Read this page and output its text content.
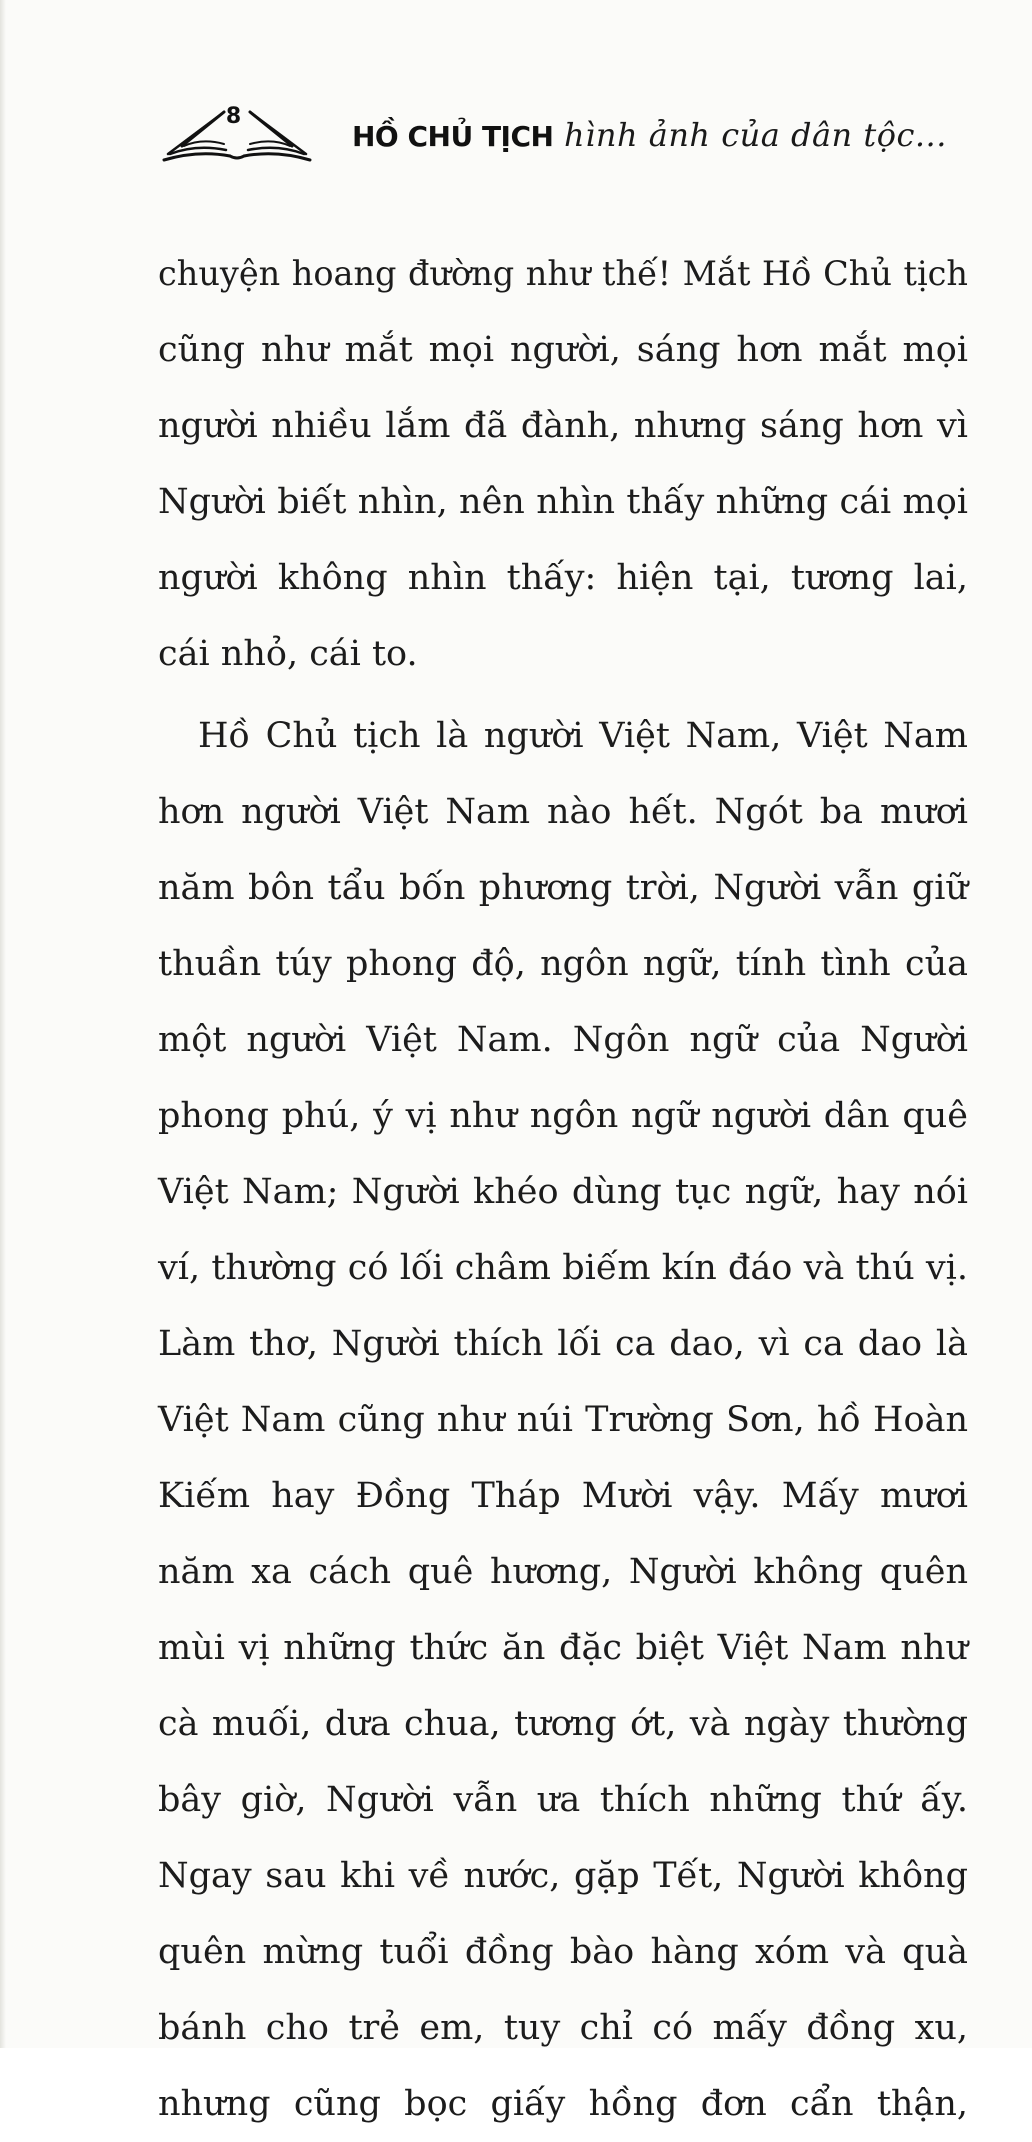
8
HỒ CHỦ TỊCH hình ảnh của dân tộc...
chuyện hoang đường như thế! Mắt Hồ Chủ tịch
cũng như mắt mọi người, sáng hơn mắt mọi
người nhiều lắm đã đành, nhưng sáng hơn vì
Người biết nhìn, nên nhìn thấy những cái mọi
người không nhìn thấy: hiện tại, tương lai,
cái nhỏ, cái to.
Hồ Chủ tịch là người Việt Nam, Việt Nam
hơn người Việt Nam nào hết. Ngót ba mươi
năm bôn tẩu bốn phương trời, Người vẫn giữ
thuần túy phong độ, ngôn ngữ, tính tình của
một người Việt Nam. Ngôn ngữ của Người
phong phú, ý vị như ngôn ngữ người dân quê
Việt Nam; Người khéo dùng tục ngữ, hay nói
ví, thường có lối châm biếm kín đáo và thú vị.
Làm thơ, Người thích lối ca dao, vì ca dao là
Việt Nam cũng như núi Trường Sơn, hồ Hoàn
Kiếm hay Đồng Tháp Mười vậy. Mấy mươi
năm xa cách quê hương, Người không quên
mùi vị những thức ăn đặc biệt Việt Nam như
cà muối, dưa chua, tương ớt, và ngày thường
bây giờ, Người vẫn ưa thích những thứ ấy.
Ngay sau khi về nước, gặp Tết, Người không
quên mừng tuổi đồng bào hàng xóm và quà
bánh cho trẻ em, tuy chỉ có mấy đồng xu,
nhưng cũng bọc giấy hồng đơn cẩn thận,
